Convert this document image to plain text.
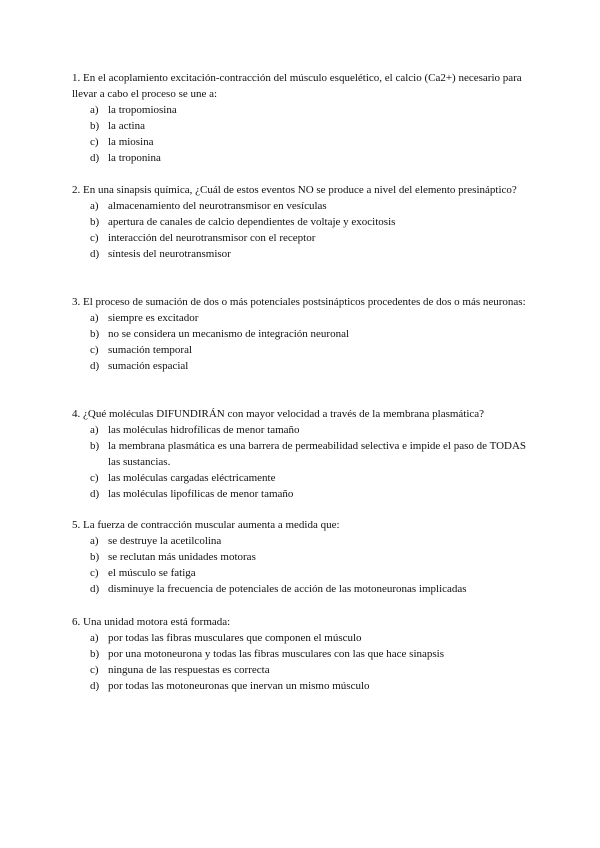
1. En el acoplamiento excitación-contracción del músculo esquelético, el calcio (Ca2+) necesario para llevar a cabo el proceso se une a:

a) la tropomiosina
b) la actina
c) la miosina
d) la troponina

2. En una sinapsis química, ¿Cuál de estos eventos NO se produce a nivel del elemento presináptico?

a) almacenamiento del neurotransmisor en vesículas
b) apertura de canales de calcio dependientes de voltaje y exocitosis
c) interacción del neurotransmisor con el receptor
d) síntesis del neurotransmisor

3. El proceso de sumación de dos o más potenciales postsinápticos procedentes de dos o más neuronas:

a) siempre es excitador
b) no se considera un mecanismo de integración neuronal
c) sumación temporal
d) sumación espacial

4. ¿Qué moléculas DIFUNDIRÁN con mayor velocidad a través de la membrana plasmática?

a) las moléculas hidrofílicas de menor tamaño
b) la membrana plasmática es una barrera de permeabilidad selectiva e impide el paso de TODAS las sustancias.
c) las moléculas cargadas eléctricamente
d) las moléculas lipofílicas de menor tamaño

5. La fuerza de contracción muscular aumenta a medida que:

a) se destruye la acetilcolina
b) se reclutan más unidades motoras
c) el músculo se fatiga
d) disminuye la frecuencia de potenciales de acción de las motoneuronas implicadas

6. Una unidad motora está formada:

a) por todas las fibras musculares que componen el músculo
b) por una motoneurona y todas las fibras musculares con las que hace sinapsis
c) ninguna de las respuestas es correcta
d) por todas las motoneuronas que inervan un mismo músculo
